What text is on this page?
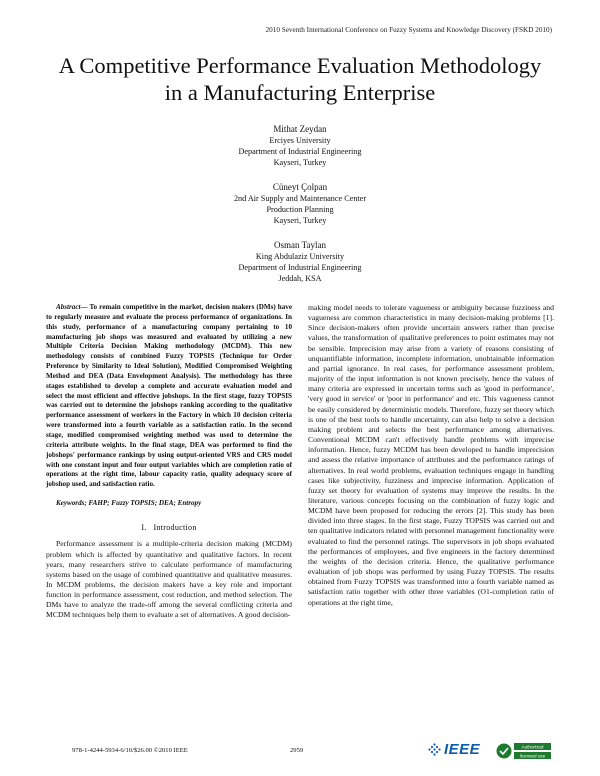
2010 Seventh International Conference on Fuzzy Systems and Knowledge Discovery (FSKD 2010)
A Competitive Performance Evaluation Methodology
in a Manufacturing Enterprise
Mithat Zeydan
Erciyes University
Department of Industrial Engineering
Kayseri, Turkey
Cüneyt Çolpan
2nd Air Supply and Maintenance Center
Production Planning
Kayseri, Turkey
Osman Taylan
King Abdulaziz University
Department of Industrial Engineering
Jeddah, KSA

Abstract— To remain competitive in the market, decision makers (DMs) have to regularly measure and evaluate the process performance of organizations. In this study, performance of a manufacturing company pertaining to 10 manufacturing job shops was measured and evaluated by utilizing a new Multiple Criteria Decision Making methodology (MCDM). This new methodology consists of combined Fuzzy TOPSIS (Technique for Order Preference by Similarity to Ideal Solution), Modified Compromised Weighting Method and DEA (Data Envelopment Analysis). The methodology has three stages established to develop a complete and accurate evaluation model and select the most efficient and effective jobshops. In the first stage, fuzzy TOPSIS was carried out to determine the jobshops ranking according to the qualitative performance assessment of workers in the Factory in which 10 decision criteria were transformed into a fourth variable as a satisfaction ratio. In the second stage, modified compromised weighting method was used to determine the criteria attribute weights. In the final stage, DEA was performed to find the jobshops' performance rankings by using output-oriented VRS and CRS model with one constant input and four output variables which are completion ratio of operations at the right time, labour capacity ratio, quality adequacy score of jobshop used, and satisfaction ratio.

Keywords; FAHP; Fuzzy TOPSIS; DEA; Entropy

I. Introduction

Performance assessment is a multiple-criteria decision making (MCDM) problem which is affected by quantitative and qualitative factors. In recent years, many researchers strive to calculate performance of manufacturing systems based on the usage of combined quantitative and qualitative measures. In MCDM problems, the decision makers have a key role and important function in performance assessment, cost reduction, and method selection. The DMs have to analyze the trade-off among the several conflicting criteria and MCDM techniques help them to evaluate a set of alternatives. A good decision-

making model needs to tolerate vagueness or ambiguity because fuzziness and vagueness are common characteristics in many decision-making problems [1]. Since decision-makers often provide uncertain answers rather than precise values, the transformation of qualitative preferences to point estimates may not be sensible. Imprecision may arise from a variety of reasons consisting of unquantifiable information, incomplete information, unobtainable information and partial ignorance. In real cases, for performance assessment problem, majority of the input information is not known precisely, hence the values of many criteria are expressed in uncertain terms such as 'good in performance', 'very good in service' or 'poor in performance' and etc. This vagueness cannot be easily considered by deterministic models. Therefore, fuzzy set theory which is one of the best tools to handle uncertainty, can also help to solve a decision making problem and selects the best performance among alternatives. Conventional MCDM can't effectively handle problems with imprecise information. Hence, fuzzy MCDM has been developed to handle imprecision and assess the relative importance of attributes and the performance ratings of alternatives. In real world problems, evaluation techniques engage in handling cases like subjectivity, fuzziness and imprecise information. Application of fuzzy set theory for evaluation of systems may improve the results. In the literature, various concepts focusing on the combination of fuzzy logic and MCDM have been proposed for reducing the errors [2]. This study has been divided into three stages. In the first stage, Fuzzy TOPSIS was carried out and ten qualitative indicators related with personnel management functionality were evaluated to find the personnel ratings. The supervisors in job shops evaluated the performances of employees, and five engineers in the factory determined the weights of the decision criteria. Hence, the qualitative performance evaluation of job shops was performed by using Fuzzy TOPSIS. The results obtained from Fuzzy TOPSIS was transformed into a fourth variable named as satisfaction ratio together with other three variables (O1-completion ratio of operations at the right time,

978-1-4244-5934-6/10/$26.00 ©2010 IEEE	2959	IEEE	Authorized
licensed use
